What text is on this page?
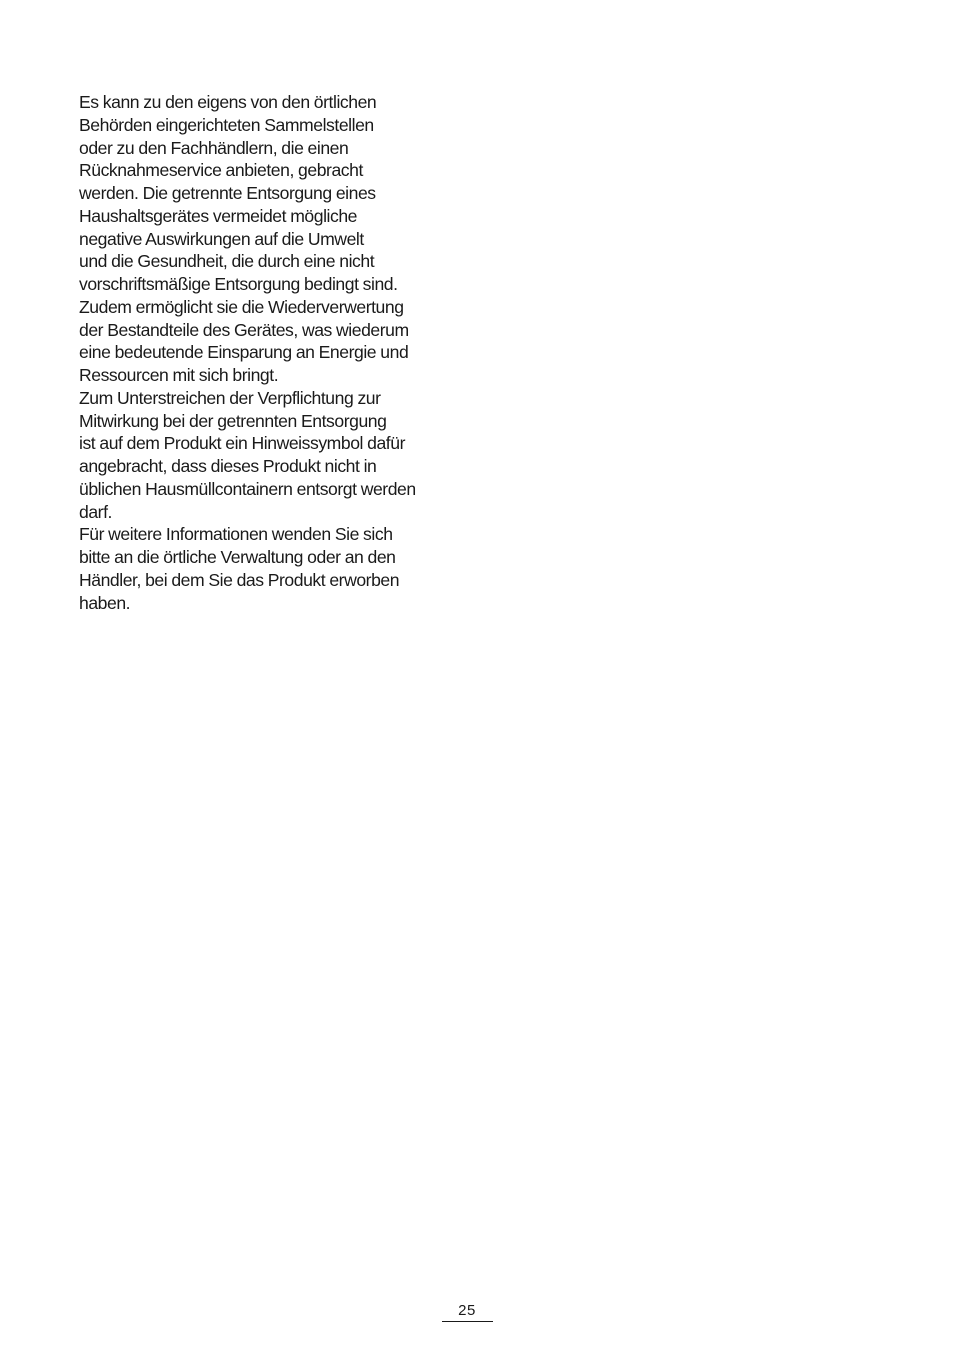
Es kann zu den eigens von den örtlichen
Behörden eingerichteten Sammelstellen
oder zu den Fachhändlern, die einen
Rücknahmeservice anbieten, gebracht
werden. Die getrennte Entsorgung eines
Haushaltsgerätes vermeidet mögliche
negative Auswirkungen auf die Umwelt
und die Gesundheit, die durch eine nicht
vorschriftsmäßige Entsorgung bedingt sind.
Zudem ermöglicht sie die Wiederverwertung
der Bestandteile des Gerätes, was wiederum
eine bedeutende Einsparung an Energie und
Ressourcen mit sich bringt.
Zum Unterstreichen der Verpflichtung zur
Mitwirkung bei der getrennten Entsorgung
ist auf dem Produkt ein Hinweissymbol dafür
angebracht, dass dieses Produkt nicht in
üblichen Hausmüllcontainern entsorgt werden
darf.
Für weitere Informationen wenden Sie sich
bitte an die örtliche Verwaltung oder an den
Händler, bei dem Sie das Produkt erworben
haben.
25
